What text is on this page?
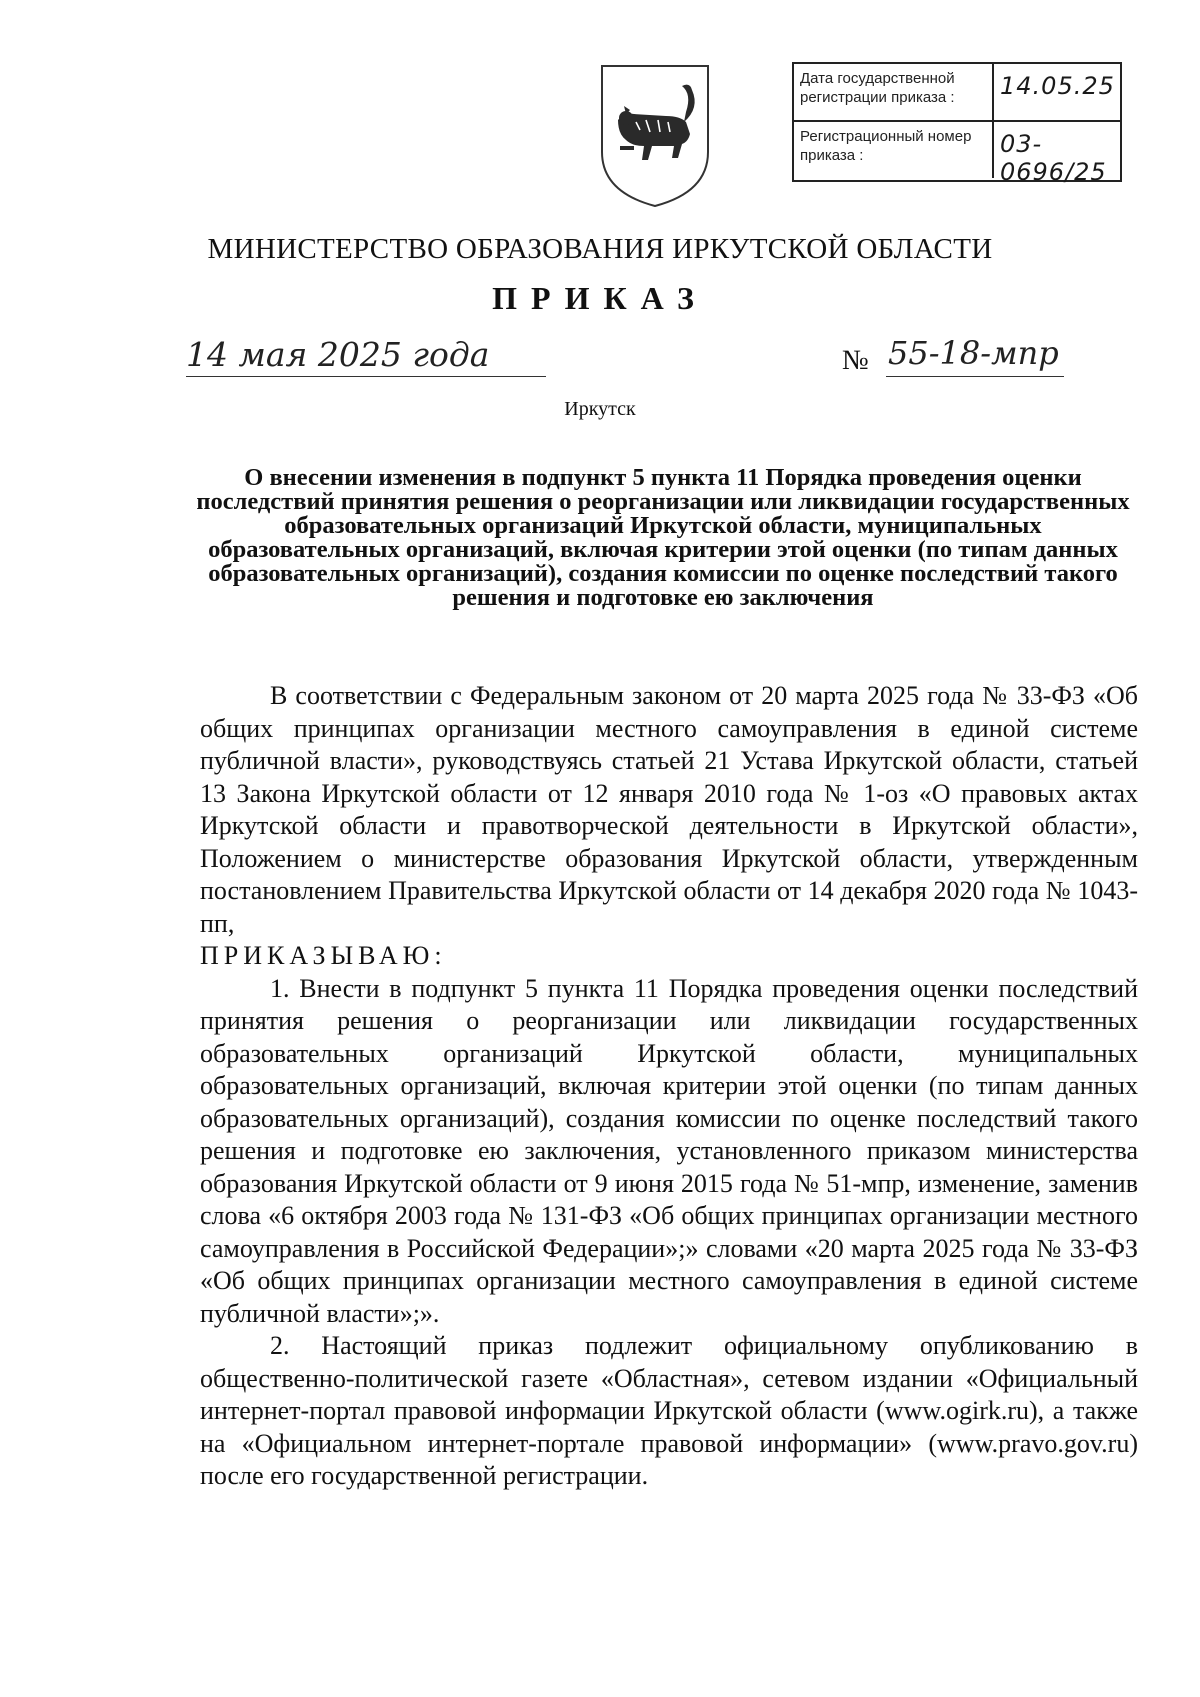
Дата государственной регистрации приказа :	14.05.25
Регистрационный номер приказа :	03-0696/25
МИНИСТЕРСТВО ОБРАЗОВАНИЯ ИРКУТСКОЙ ОБЛАСТИ
ПРИКАЗ
14 мая 2025 года	№ 55-18-мпр
Иркутск
О внесении изменения в подпункт 5 пункта 11 Порядка проведения оценки последствий принятия решения о реорганизации или ликвидации государственных образовательных организаций Иркутской области, муниципальных образовательных организаций, включая критерии этой оценки (по типам данных образовательных организаций), создания комиссии по оценке последствий такого решения и подготовке ею заключения

В соответствии с Федеральным законом от 20 марта 2025 года № 33-ФЗ «Об общих принципах организации местного самоуправления в единой системе публичной власти», руководствуясь статьей 21 Устава Иркутской области, статьей 13 Закона Иркутской области от 12 января 2010 года № 1-оз «О правовых актах Иркутской области и правотворческой деятельности в Иркутской области», Положением о министерстве образования Иркутской области, утвержденным постановлением Правительства Иркутской области от 14 декабря 2020 года № 1043-пп,

ПРИКАЗЫВАЮ:

1. Внести в подпункт 5 пункта 11 Порядка проведения оценки последствий принятия решения о реорганизации или ликвидации государственных образовательных организаций Иркутской области, муниципальных образовательных организаций, включая критерии этой оценки (по типам данных образовательных организаций), создания комиссии по оценке последствий такого решения и подготовке ею заключения, установленного приказом министерства образования Иркутской области от 9 июня 2015 года № 51-мпр, изменение, заменив слова «6 октября 2003 года № 131-ФЗ «Об общих принципах организации местного самоуправления в Российской Федерации»;» словами «20 марта 2025 года № 33-ФЗ «Об общих принципах организации местного самоуправления в единой системе публичной власти»;».

2. Настоящий приказ подлежит официальному опубликованию в общественно-политической газете «Областная», сетевом издании «Официальный интернет-портал правовой информации Иркутской области (www.ogirk.ru), а также на «Официальном интернет-портале правовой информации» (www.pravo.gov.ru) после его государственной регистрации.
